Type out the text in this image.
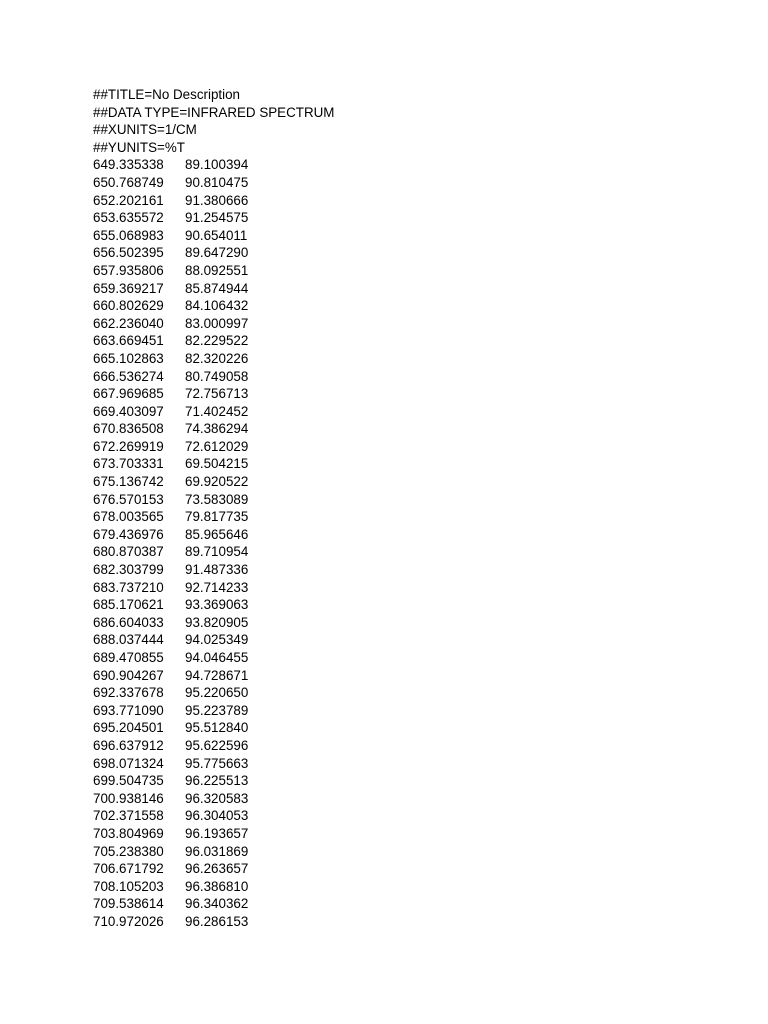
##TITLE=No Description
##DATA TYPE=INFRARED SPECTRUM
##XUNITS=1/CM
##YUNITS=%T
649.335338	89.100394
650.768749	90.810475
652.202161	91.380666
653.635572	91.254575
655.068983	90.654011
656.502395	89.647290
657.935806	88.092551
659.369217	85.874944
660.802629	84.106432
662.236040	83.000997
663.669451	82.229522
665.102863	82.320226
666.536274	80.749058
667.969685	72.756713
669.403097	71.402452
670.836508	74.386294
672.269919	72.612029
673.703331	69.504215
675.136742	69.920522
676.570153	73.583089
678.003565	79.817735
679.436976	85.965646
680.870387	89.710954
682.303799	91.487336
683.737210	92.714233
685.170621	93.369063
686.604033	93.820905
688.037444	94.025349
689.470855	94.046455
690.904267	94.728671
692.337678	95.220650
693.771090	95.223789
695.204501	95.512840
696.637912	95.622596
698.071324	95.775663
699.504735	96.225513
700.938146	96.320583
702.371558	96.304053
703.804969	96.193657
705.238380	96.031869
706.671792	96.263657
708.105203	96.386810
709.538614	96.340362
710.972026	96.286153
